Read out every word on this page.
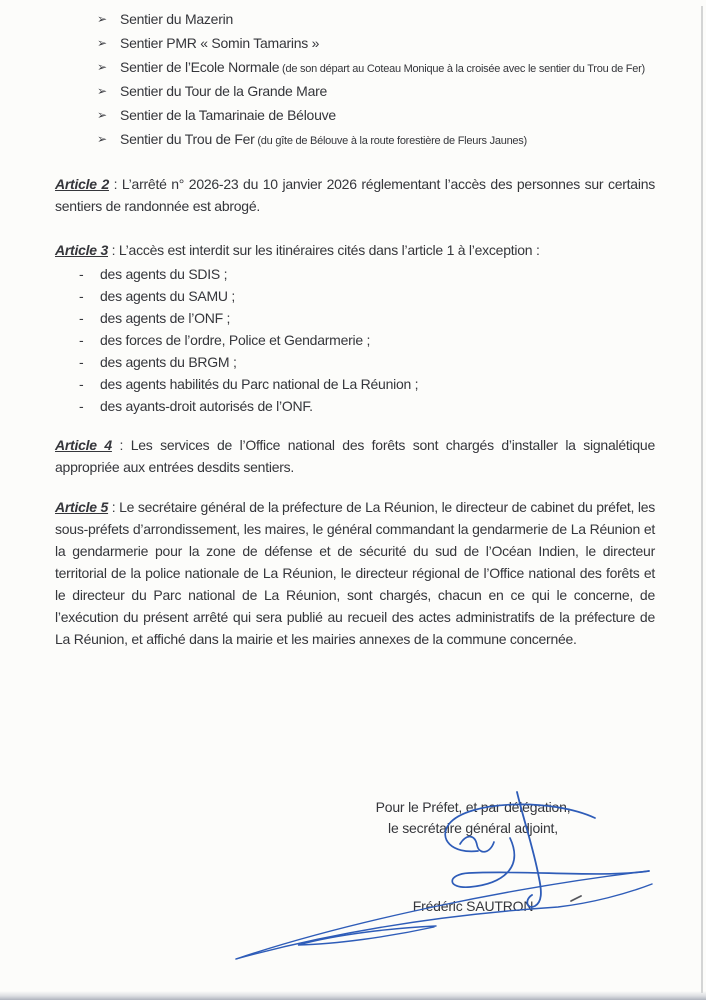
➢ Sentier du Mazerin
➢ Sentier PMR « Somin Tamarins »
➢ Sentier de l’Ecole Normale (de son départ au Coteau Monique à la croisée avec le sentier du Trou de Fer)
➢ Sentier du Tour de la Grande Mare
➢ Sentier de la Tamarinaie de Bélouve
➢ Sentier du Trou de Fer (du gîte de Bélouve à la route forestière de Fleurs Jaunes)

Article 2 : L’arrêté n° 2026-23 du 10 janvier 2026 réglementant l’accès des personnes sur certains sentiers de randonnée est abrogé.

Article 3 : L’accès est interdit sur les itinéraires cités dans l’article 1 à l’exception :

- des agents du SDIS ;
- des agents du SAMU ;
- des agents de l’ONF ;
- des forces de l’ordre, Police et Gendarmerie ;
- des agents du BRGM ;
- des agents habilités du Parc national de La Réunion ;
- des ayants-droit autorisés de l’ONF.

Article 4 : Les services de l’Office national des forêts sont chargés d’installer la signalétique appropriée aux entrées desdits sentiers.

Article 5 : Le secrétaire général de la préfecture de La Réunion, le directeur de cabinet du préfet, les sous-préfets d’arrondissement, les maires, le général commandant la gendarmerie de La Réunion et la gendarmerie pour la zone de défense et de sécurité du sud de l’Océan Indien, le directeur territorial de la police nationale de La Réunion, le directeur régional de l’Office national des forêts et le directeur du Parc national de La Réunion, sont chargés, chacun en ce qui le concerne, de l’exécution du présent arrêté qui sera publié au recueil des actes administratifs de la préfecture de La Réunion, et affiché dans la mairie et les mairies annexes de la commune concernée.

Pour le Préfet, et par délégation,
le secrétaire général adjoint,
Frédéric SAUTRON
